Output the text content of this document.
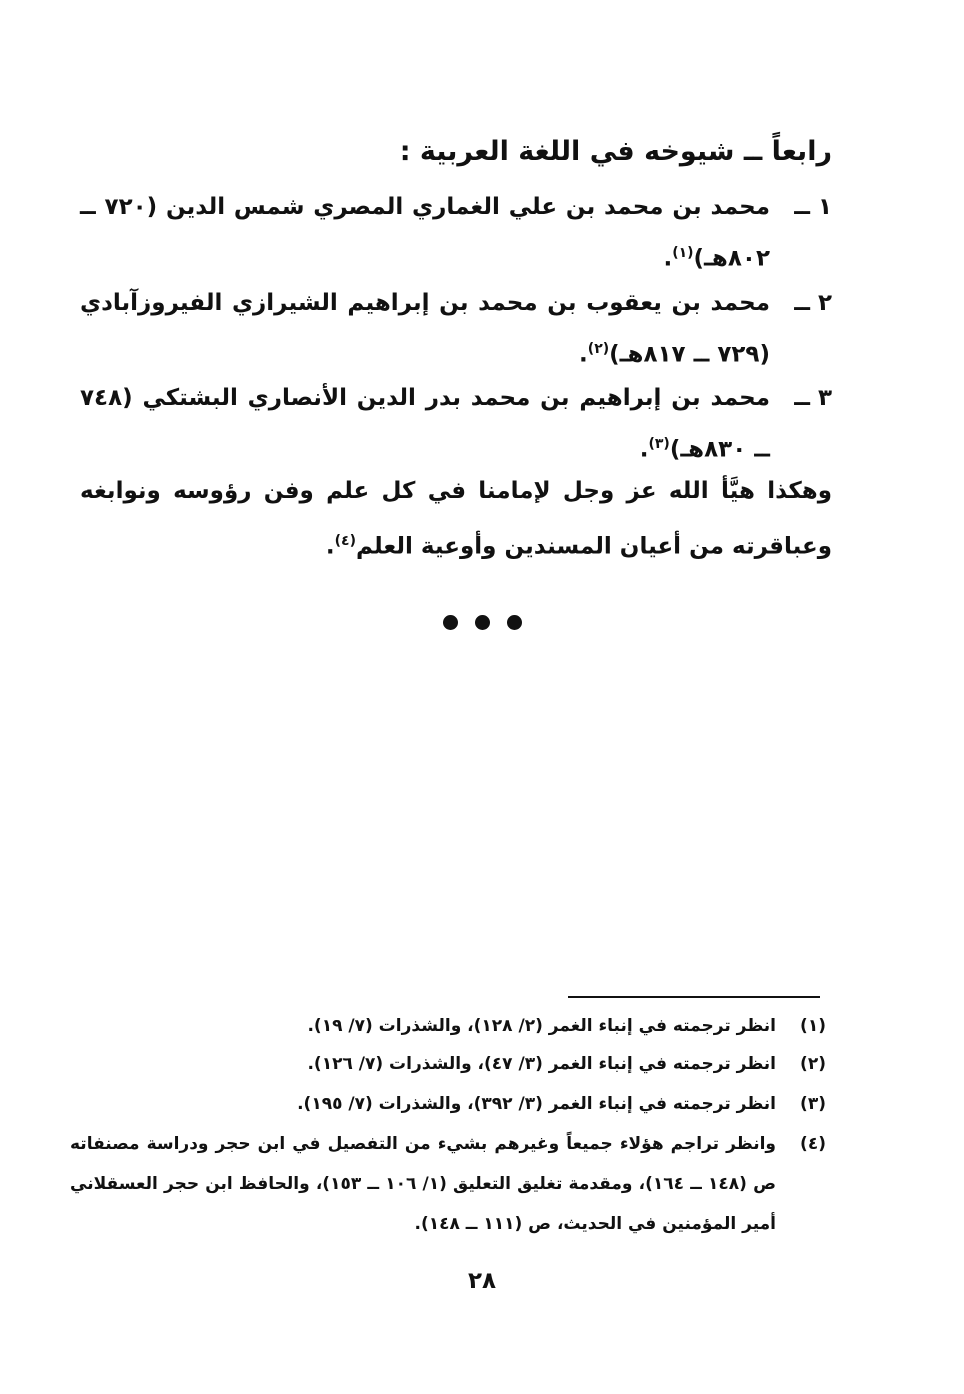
رابعاً ــ شيوخه في اللغة العربية :
١ ــ
محمد بن محمد بن علي الغماري المصري شمس الدين (٧٢٠ ــ ٨٠٢هـ)$^{(١)}$.
٢ ــ
محمد بن يعقوب بن محمد بن إبراهيم الشيرازي الفيروزآبادي (٧٢٩ ــ ٨١٧هـ)$^{(٢)}$.
٣ ــ
محمد بن إبراهيم بن محمد بدر الدين الأنصاري البشتكي (٧٤٨ ــ ٨٣٠هـ)$^{(٣)}$.
وهكذا هيَّأ الله عز وجل لإمامنا في كل علم وفن رؤوسه ونوابغه وعباقرته من أعيان المسندين وأوعية العلم$^{(٤)}$.
(١)
انظر ترجمته في إنباء الغمر (٢/ ١٢٨)، والشذرات (٧/ ١٩).
(٢)
انظر ترجمته في إنباء الغمر (٣/ ٤٧)، والشذرات (٧/ ١٢٦).
(٣)
انظر ترجمته في إنباء الغمر (٣/ ٣٩٢)، والشذرات (٧/ ١٩٥).
(٤)
وانظر تراجم هؤلاء جميعاً وغيرهم بشيء من التفصيل في ابن حجر ودراسة مصنفاته ص (١٤٨ ــ ١٦٤)، ومقدمة تغليق التعليق (١/ ١٠٦ ــ ١٥٣)، والحافظ ابن حجر العسقلاني أمير المؤمنين في الحديث، ص (١١١ ــ ١٤٨).
٢٨
